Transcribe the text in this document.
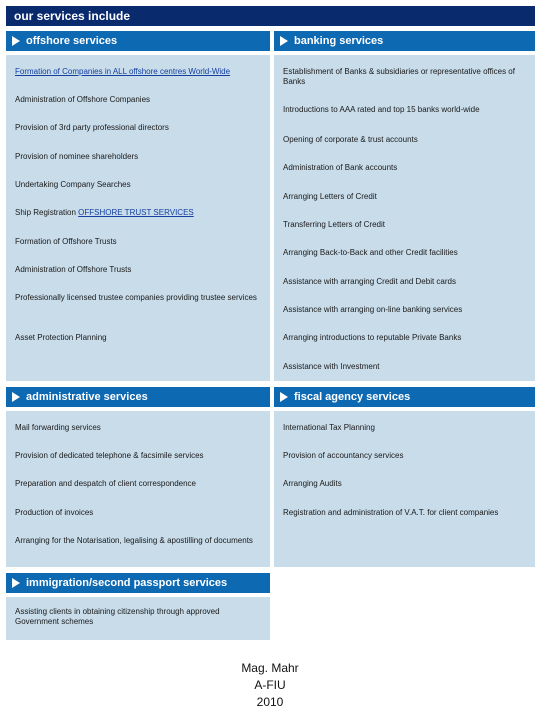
our services include
offshore services
Formation of Companies in ALL offshore centres World-Wide
Administration of Offshore Companies
Provision of 3rd party professional directors
Provision of nominee shareholders
Undertaking Company Searches
Ship Registration OFFSHORE TRUST SERVICES
Formation of Offshore Trusts
Administration of Offshore Trusts
Professionally licensed trustee companies providing trustee services
Asset Protection Planning
banking services
Establishment of Banks & subsidiaries or representative offices of Banks
Introductions to AAA rated and top 15 banks world-wide
Opening of corporate & trust accounts
Administration of Bank accounts
Arranging Letters of Credit
Transferring Letters of Credit
Arranging Back-to-Back and other Credit facilities
Assistance with arranging Credit and Debit cards
Assistance with arranging on-line banking services
Arranging introductions to reputable Private Banks
Assistance with Investment
administrative services
Mail forwarding services
Provision of dedicated telephone & facsimile services
Preparation and despatch of client correspondence
Production of invoices
Arranging for the Notarisation, legalising & apostilling of documents
fiscal agency services
International Tax Planning
Provision of accountancy services
Arranging Audits
Registration and administration of V.A.T. for client companies
immigration/second passport services
Assisting clients in obtaining citizenship through approved Government schemes
Mag. Mahr
A-FIU
2010
